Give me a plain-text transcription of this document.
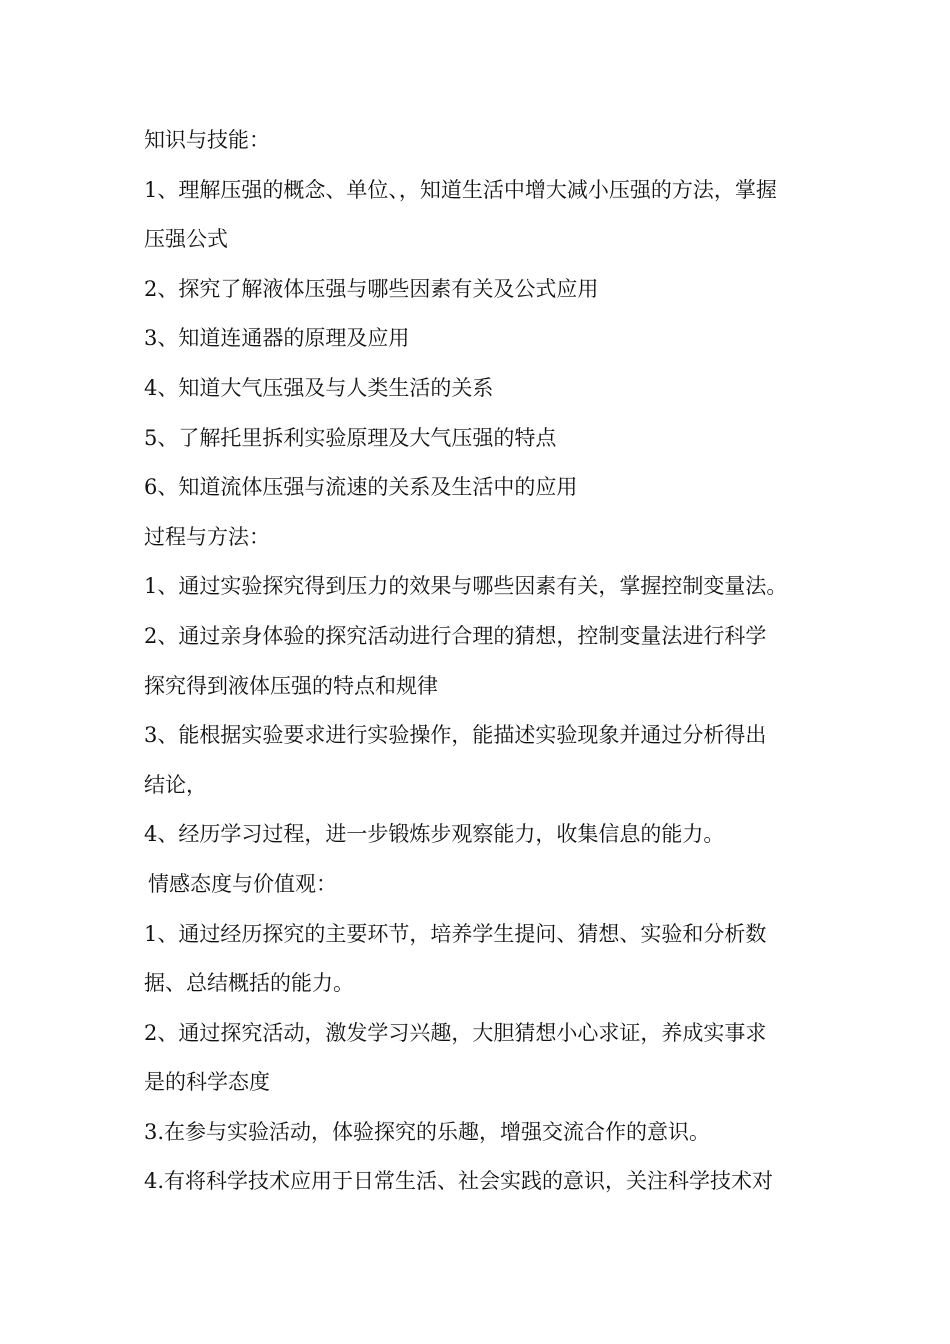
知识与技能：
1、理解压强的概念、单位、，知道生活中增大减小压强的方法，掌握
压强公式
2、探究了解液体压强与哪些因素有关及公式应用
3、知道连通器的原理及应用
4、知道大气压强及与人类生活的关系
5、了解托里拆利实验原理及大气压强的特点
6、知道流体压强与流速的关系及生活中的应用
过程与方法：
1、通过实验探究得到压力的效果与哪些因素有关，掌握控制变量法。
2、通过亲身体验的探究活动进行合理的猜想，控制变量法进行科学
探究得到液体压强的特点和规律
3、能根据实验要求进行实验操作，能描述实验现象并通过分析得出
结论，
4、经历学习过程，进一步锻炼步观察能力，收集信息的能力。
情感态度与价值观：
1、通过经历探究的主要环节，培养学生提问、猜想、实验和分析数
据、总结概括的能力。
2、通过探究活动，激发学习兴趣，大胆猜想小心求证，养成实事求
是的科学态度
3.在参与实验活动，体验探究的乐趣，增强交流合作的意识。
4.有将科学技术应用于日常生活、社会实践的意识，关注科学技术对
